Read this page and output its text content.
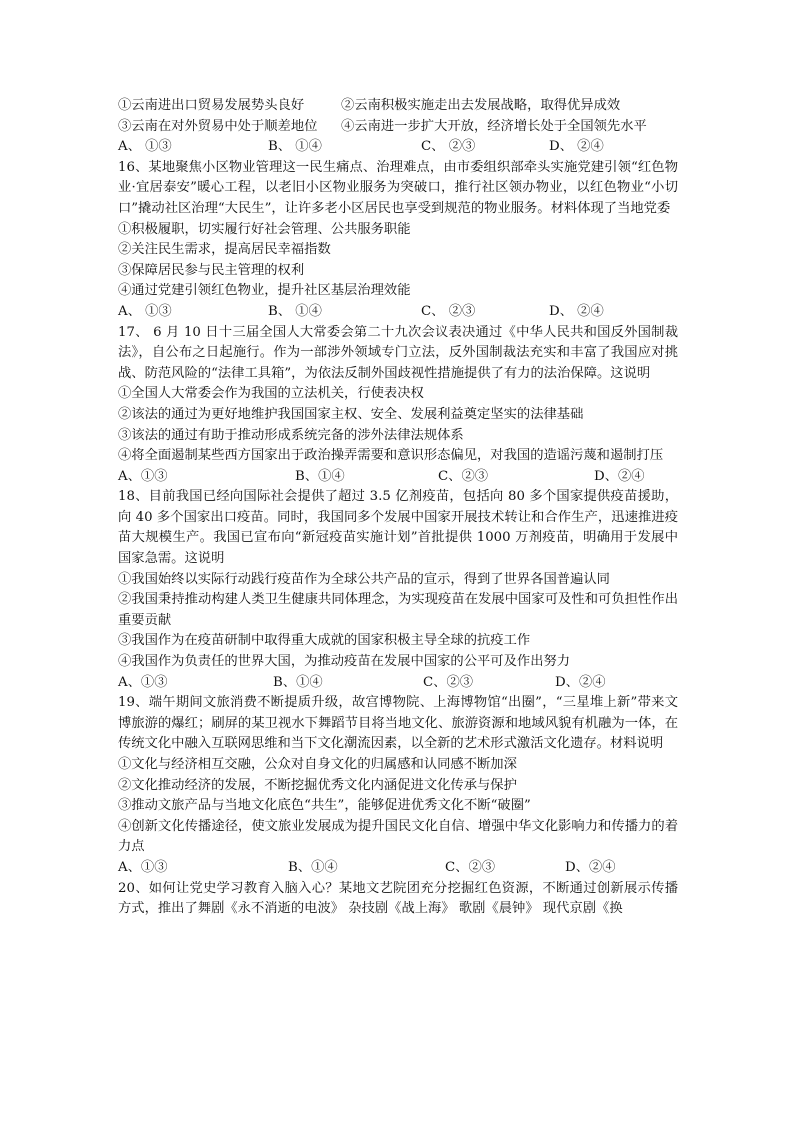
①云南进出口贸易发展势头良好	②云南积极实施走出去发展战略，取得优异成效
③云南在对外贸易中处于顺差地位	④云南进一步扩大开放，经济增长处于全国领先水平
A、 ①③	B、 ①④	C、 ②③	D、 ②④
16、某地聚焦小区物业管理这一民生痛点、治理难点，由市委组织部牵头实施党建引领“红色物业·宜居泰安”暖心工程，以老旧小区物业服务为突破口，推行社区领办物业，以红色物业“小切口”撬动社区治理“大民生”，让许多老小区居民也享受到规范的物业服务。材料体现了当地党委
①积极履职，切实履行好社会管理、公共服务职能
②关注民生需求，提高居民幸福指数
③保障居民参与民主管理的权利
④通过党建引领红色物业，提升社区基层治理效能
A、 ①③	B、 ①④	C、 ②③	D、 ②④
17、 6 月 10 日十三届全国人大常委会第二十九次会议表决通过《中华人民共和国反外国制裁法》，自公布之日起施行。作为一部涉外领域专门立法，反外国制裁法充实和丰富了我国应对挑战、防范风险的“法律工具箱”，为依法反制外国歧视性措施提供了有力的法治保障。这说明
①全国人大常委会作为我国的立法机关，行使表决权
②该法的通过为更好地维护我国国家主权、安全、发展利益奠定坚实的法律基础
③该法的通过有助于推动形成系统完备的涉外法律法规体系
④将全面遏制某些西方国家出于政治操弄需要和意识形态偏见，对我国的造谣污蔑和遏制打压
A、①③	B、①④	C、②③	D、②④
18、目前我国已经向国际社会提供了超过 3.5 亿剂疫苗，包括向 80 多个国家提供疫苗援助，向 40 多个国家出口疫苗。同时，我国同多个发展中国家开展技术转让和合作生产，迅速推进疫苗大规模生产。我国已宣布向“新冠疫苗实施计划”首批提供 1000 万剂疫苗，明确用于发展中国家急需。这说明
①我国始终以实际行动践行疫苗作为全球公共产品的宣示，得到了世界各国普遍认同
②我国秉持推动构建人类卫生健康共同体理念，为实现疫苗在发展中国家可及性和可负担性作出重要贡献
③我国作为在疫苗研制中取得重大成就的国家积极主导全球的抗疫工作
④我国作为负责任的世界大国，为推动疫苗在发展中国家的公平可及作出努力
A、①③	B、①④	C、②③	D、②④
19、端午期间文旅消费不断提质升级，故宫博物院、上海博物馆“出圈”，“三星堆上新”带来文博旅游的爆红；刷屏的某卫视水下舞蹈节目将当地文化、旅游资源和地域风貌有机融为一体，在传统文化中融入互联网思维和当下文化潮流因素，以全新的艺术形式激活文化遗存。材料说明
①文化与经济相互交融，公众对自身文化的归属感和认同感不断加深
②文化推动经济的发展，不断挖掘优秀文化内涵促进文化传承与保护
③推动文旅产品与当地文化底色“共生”，能够促进优秀文化不断“破圈”
④创新文化传播途径，使文旅业发展成为提升国民文化自信、增强中华文化影响力和传播力的着力点
A、①③	B、①④	C、②③	D、②④
20、如何让党史学习教育入脑入心？某地文艺院团充分挖掘红色资源，不断通过创新展示传播方式，推出了舞剧《永不消逝的电波》 杂技剧《战上海》 歌剧《晨钟》 现代京剧《换
